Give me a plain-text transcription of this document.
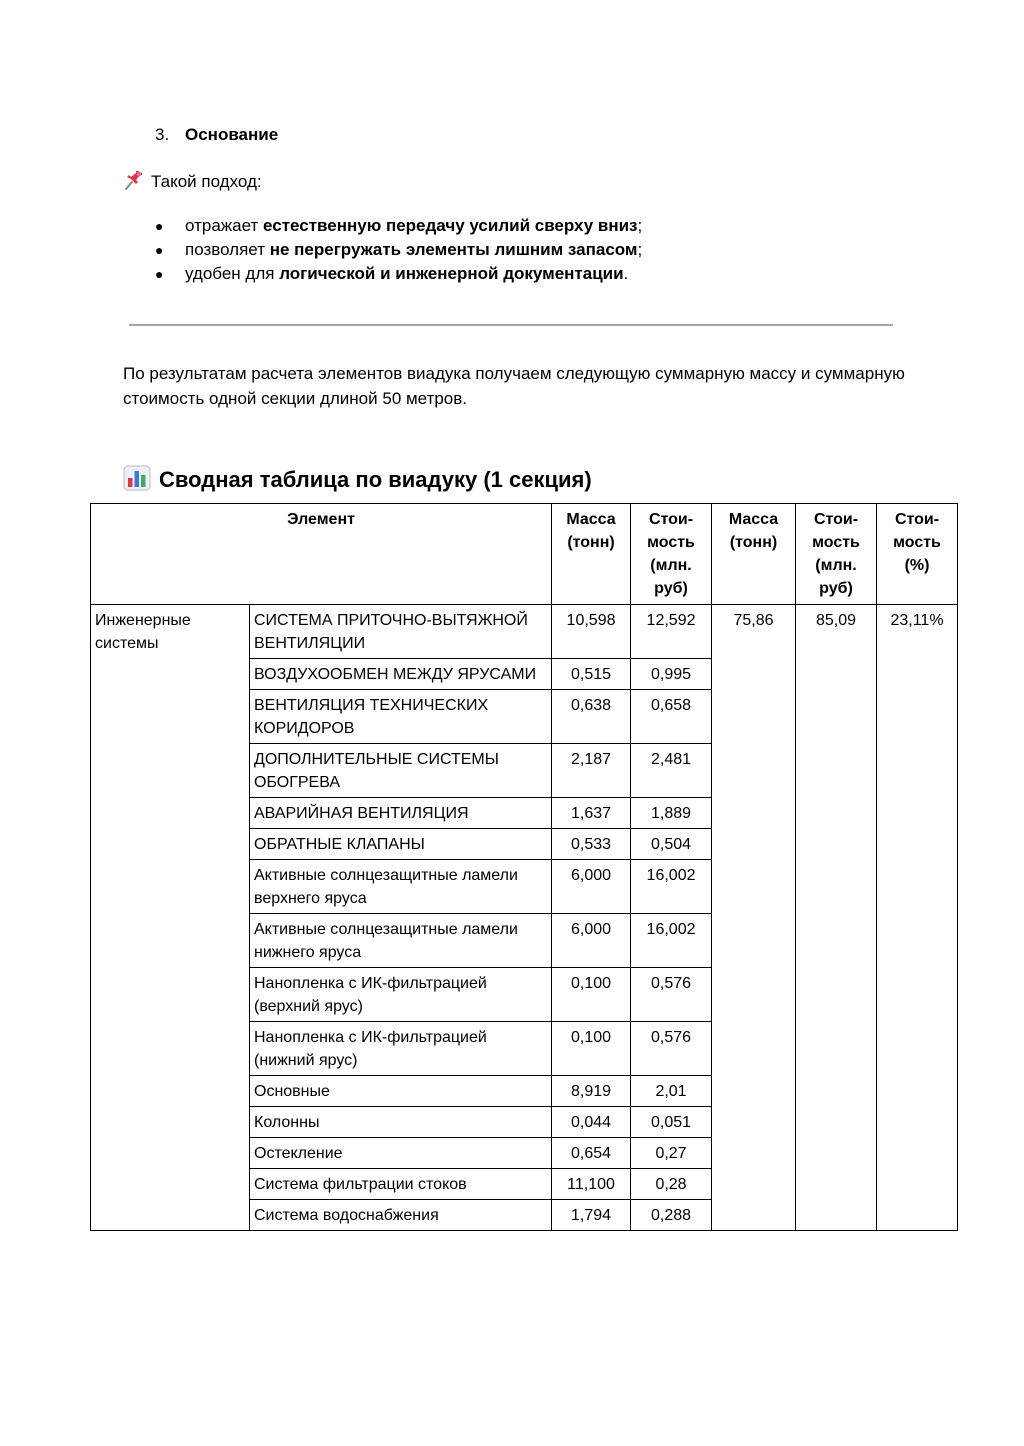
3. Основание
Такой подход:
●	отражает естественную передачу усилий сверху вниз;
●	позволяет не перегружать элементы лишним запасом;
●	удобен для логической и инженерной документации.
По результатам расчета элементов виадука получаем следующую суммарную массу и суммарную стоимость одной секции длиной 50 метров.
Сводная таблица по виадуку (1 секция)
Элемент		Масса (тонн)	Стои- мость (млн. руб)	Масса (тонн)	Стои- мость (млн. руб)	Стои- мость (%)
Инженерные системы	СИСТЕМА ПРИТОЧНО-ВЫТЯЖНОЙ ВЕНТИЛЯЦИИ	10,598	12,592	75,86	85,09	23,11%
	ВОЗДУХООБМЕН МЕЖДУ ЯРУСАМИ	0,515	0,995			
	ВЕНТИЛЯЦИЯ ТЕХНИЧЕСКИХ КОРИДОРОВ	0,638	0,658			
	ДОПОЛНИТЕЛЬНЫЕ СИСТЕМЫ ОБОГРЕВА	2,187	2,481			
	АВАРИЙНАЯ ВЕНТИЛЯЦИЯ	1,637	1,889			
	ОБРАТНЫЕ КЛАПАНЫ	0,533	0,504			
	Активные солнцезащитные ламели верхнего яруса	6,000	16,002			
	Активные солнцезащитные ламели нижнего яруса	6,000	16,002			
	Нанопленка с ИК-фильтрацией (верхний ярус)	0,100	0,576			
	Нанопленка с ИК-фильтрацией (нижний ярус)	0,100	0,576			
	Основные	8,919	2,01			
	Колонны	0,044	0,051			
	Остекление	0,654	0,27			
	Система фильтрации стоков	11,100	0,28			
	Система водоснабжения	1,794	0,288			
